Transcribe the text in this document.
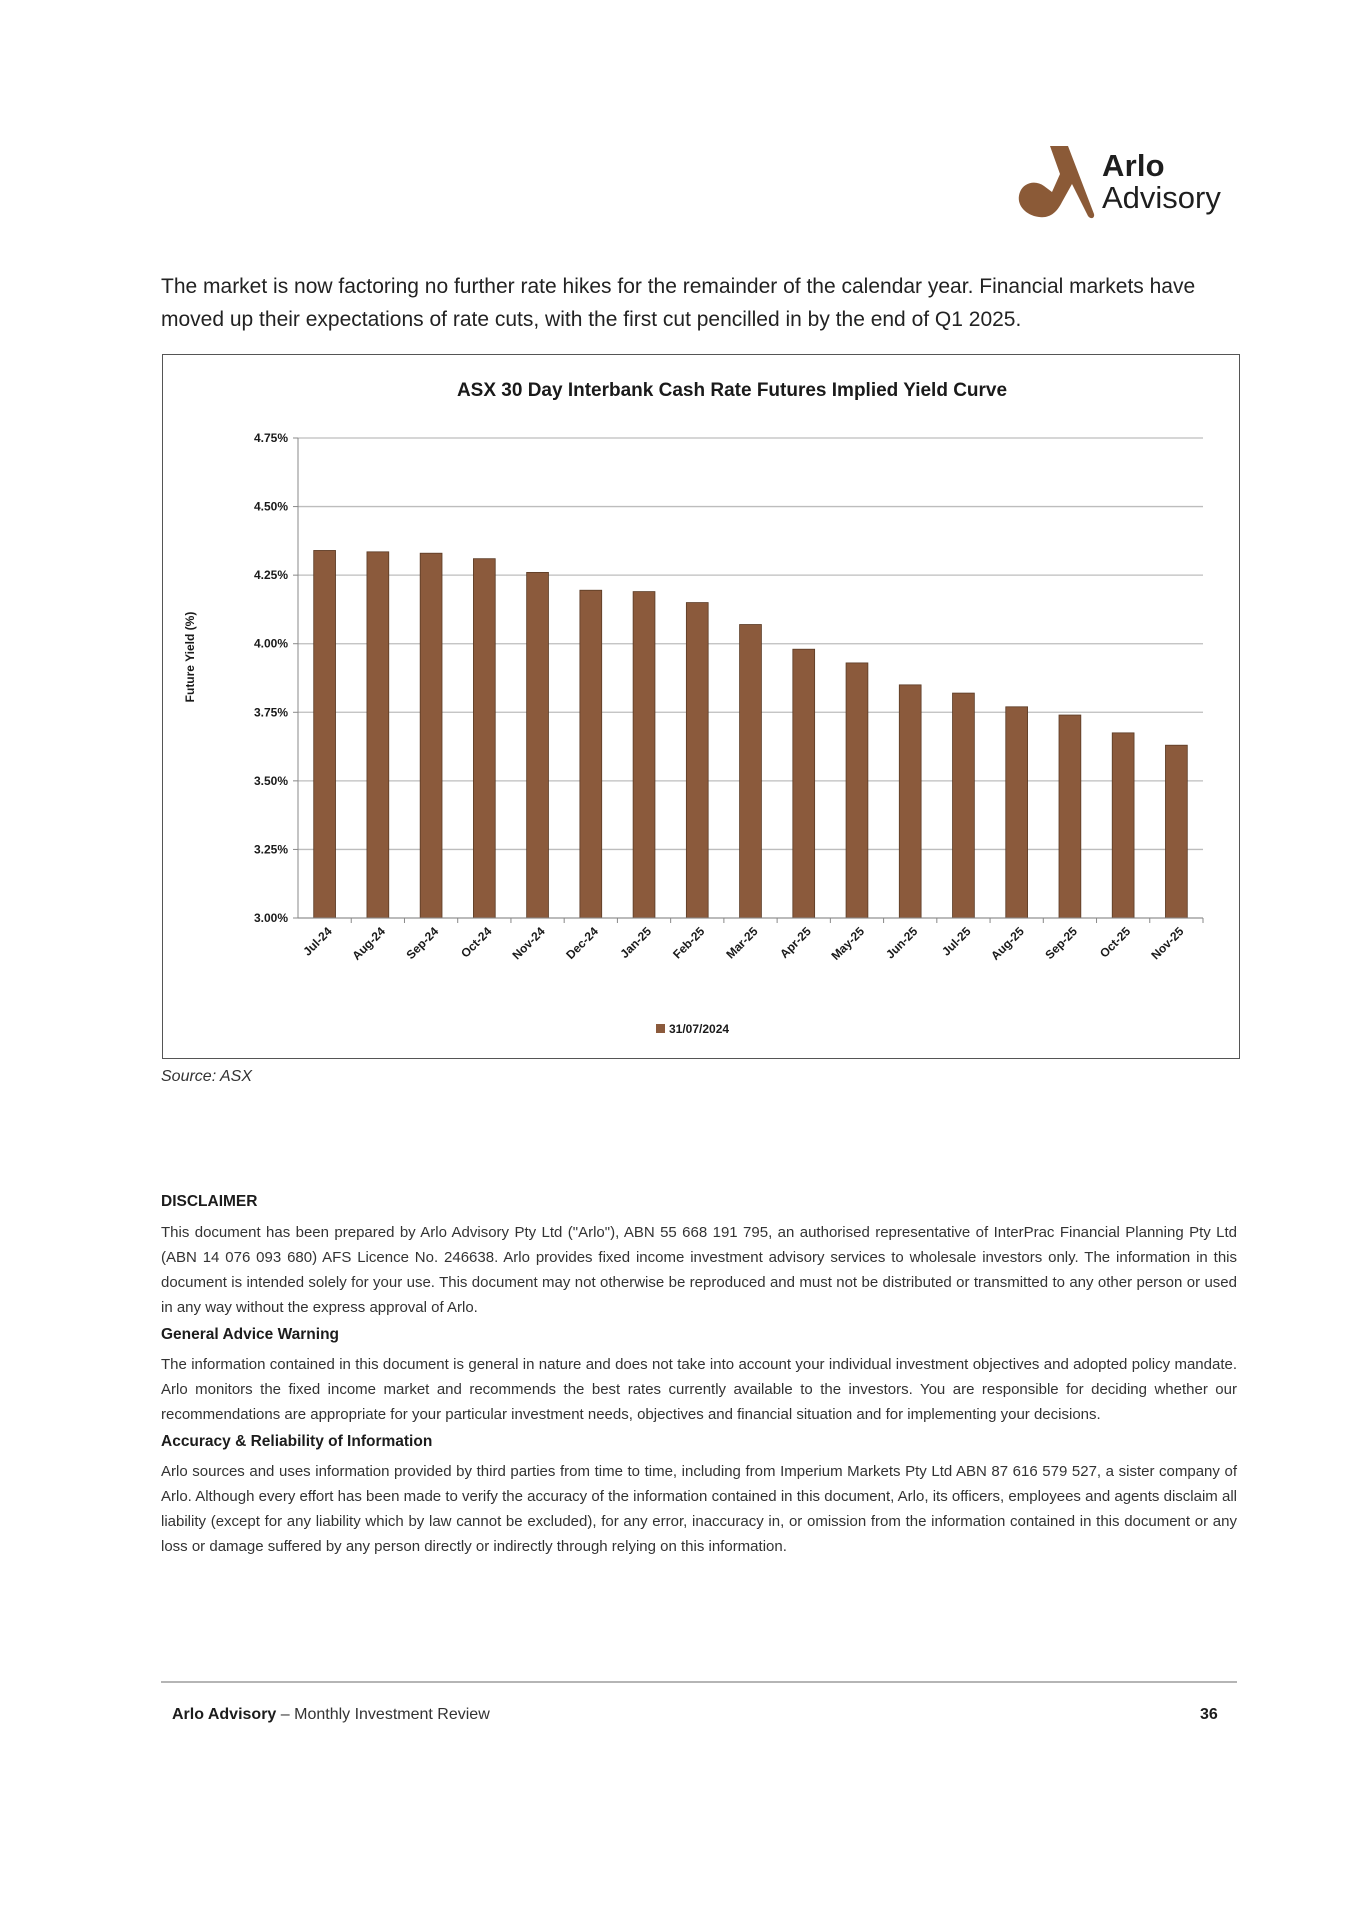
Arlo
Advisory

The market is now factoring no further rate hikes for the remainder of the calendar year. Financial markets have moved up their expectations of rate cuts, with the first cut pencilled in by the end of Q1 2025.

ASX 30 Day Interbank Cash Rate Futures Implied Yield Curve
Future Yield (%)
3.00%
3.25%
3.50%
3.75%
4.00%
4.25%
4.50%
4.75%
Jul-24 Aug-24 Sep-24 Oct-24 Nov-24 Dec-24 Jan-25 Feb-25 Mar-25 Apr-25 May-25 Jun-25 Jul-25 Aug-25 Sep-25 Oct-25 Nov-25
31/07/2024
Source: ASX
DISCLAIMER

This document has been prepared by Arlo Advisory Pty Ltd ("Arlo"), ABN 55 668 191 795, an authorised representative of InterPrac Financial Planning Pty Ltd (ABN 14 076 093 680) AFS Licence No. 246638. Arlo provides fixed income investment advisory services to wholesale investors only. The information in this document is intended solely for your use. This document may not otherwise be reproduced and must not be distributed or transmitted to any other person or used in any way without the express approval of Arlo.

General Advice Warning

The information contained in this document is general in nature and does not take into account your individual investment objectives and adopted policy mandate. Arlo monitors the fixed income market and recommends the best rates currently available to the investors. You are responsible for deciding whether our recommendations are appropriate for your particular investment needs, objectives and financial situation and for implementing your decisions.

Accuracy & Reliability of Information

Arlo sources and uses information provided by third parties from time to time, including from Imperium Markets Pty Ltd ABN 87 616 579 527, a sister company of Arlo. Although every effort has been made to verify the accuracy of the information contained in this document, Arlo, its officers, employees and agents disclaim all liability (except for any liability which by law cannot be excluded), for any error, inaccuracy in, or omission from the information contained in this document or any loss or damage suffered by any person directly or indirectly through relying on this information.

Arlo Advisory – Monthly Investment Review	36
